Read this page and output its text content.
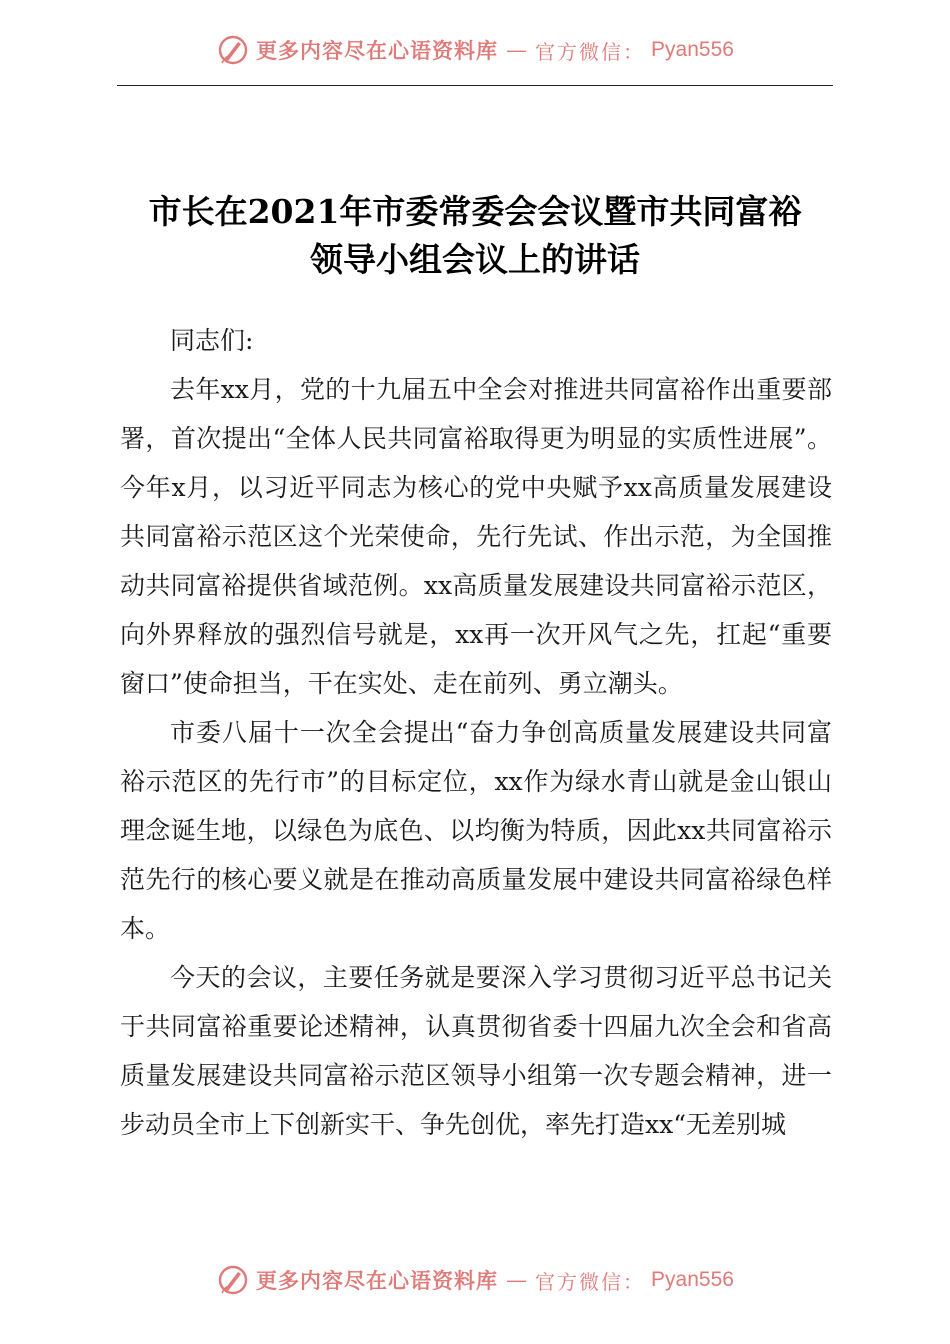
更多内容尽在心语资料库 — 官方微信： Pyan556
市长在2021年市委常委会会议暨市共同富裕
领导小组会议上的讲话

同志们:

去年xx月，党的十九届五中全会对推进共同富裕作出重要部署，首次提出“全体人民共同富裕取得更为明显的实质性进展”。今年x月，以习近平同志为核心的党中央赋予xx高质量发展建设共同富裕示范区这个光荣使命，先行先试、作出示范，为全国推动共同富裕提供省域范例。xx高质量发展建设共同富裕示范区，向外界释放的强烈信号就是，xx再一次开风气之先，扛起“重要窗口”使命担当，干在实处、走在前列、勇立潮头。

市委八届十一次全会提出“奋力争创高质量发展建设共同富裕示范区的先行市”的目标定位，xx作为绿水青山就是金山银山理念诞生地，以绿色为底色、以均衡为特质，因此xx共同富裕示范先行的核心要义就是在推动高质量发展中建设共同富裕绿色样本。

今天的会议，主要任务就是要深入学习贯彻习近平总书记关于共同富裕重要论述精神，认真贯彻省委十四届九次全会和省高质量发展建设共同富裕示范区领导小组第一次专题会精神，进一步动员全市上下创新实干、争先创优，率先打造xx“无差别城

更多内容尽在心语资料库 — 官方微信： Pyan556
